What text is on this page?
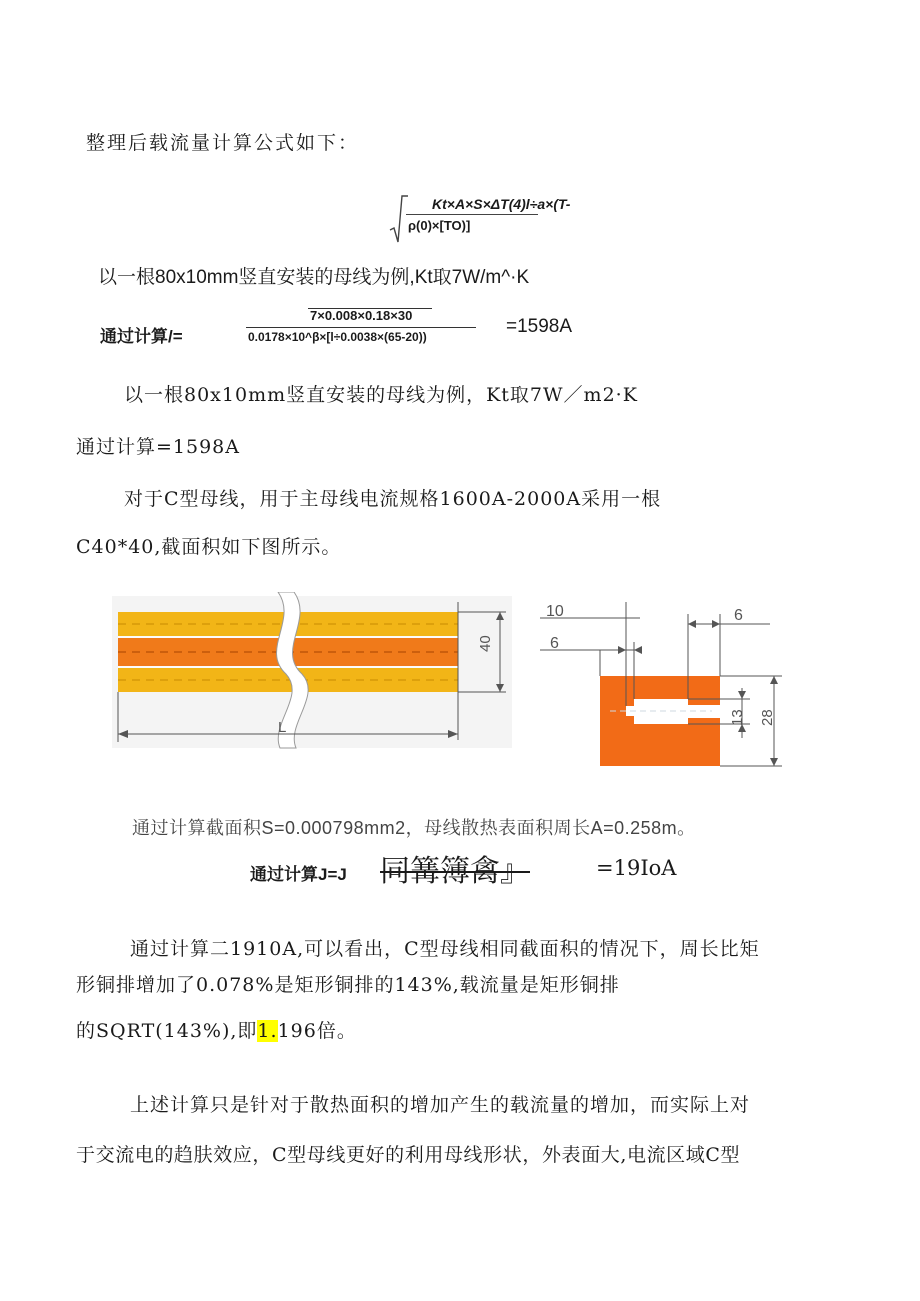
整理后载流量计算公式如下：
Kt×A×S×ΔT(4)l÷a×(T-
ρ(0)×[TO)]
以一根80x10mm竖直安装的母线为例,Kt取7W/m^·K
通过计算/=
7×0.008×0.18×30
0.0178×10^β×[l÷0.0038×(65-20))	=1598A
以一根80x10mm竖直安装的母线为例，Kt取7W／m2·K
通过计算=1598A
对于C型母线，用于主母线电流规格1600A-2000A采用一根
C40*40,截面积如下图所示。
40
L
10
6
6
13 28
通过计算截面积S=0.000798mm2，母线散热表面积周长A=0.258m。
通过计算J=J 同篝簿禽』	=19IoA
通过计算二1910A,可以看出，C型母线相同截面积的情况下，周长比矩
形铜排增加了0.078%是矩形铜排的143%,载流量是矩形铜排
的SQRT(143%),即1.196倍。
上述计算只是针对于散热面积的增加产生的载流量的增加，而实际上对
于交流电的趋肤效应，C型母线更好的利用母线形状，外表面大,电流区域C型
